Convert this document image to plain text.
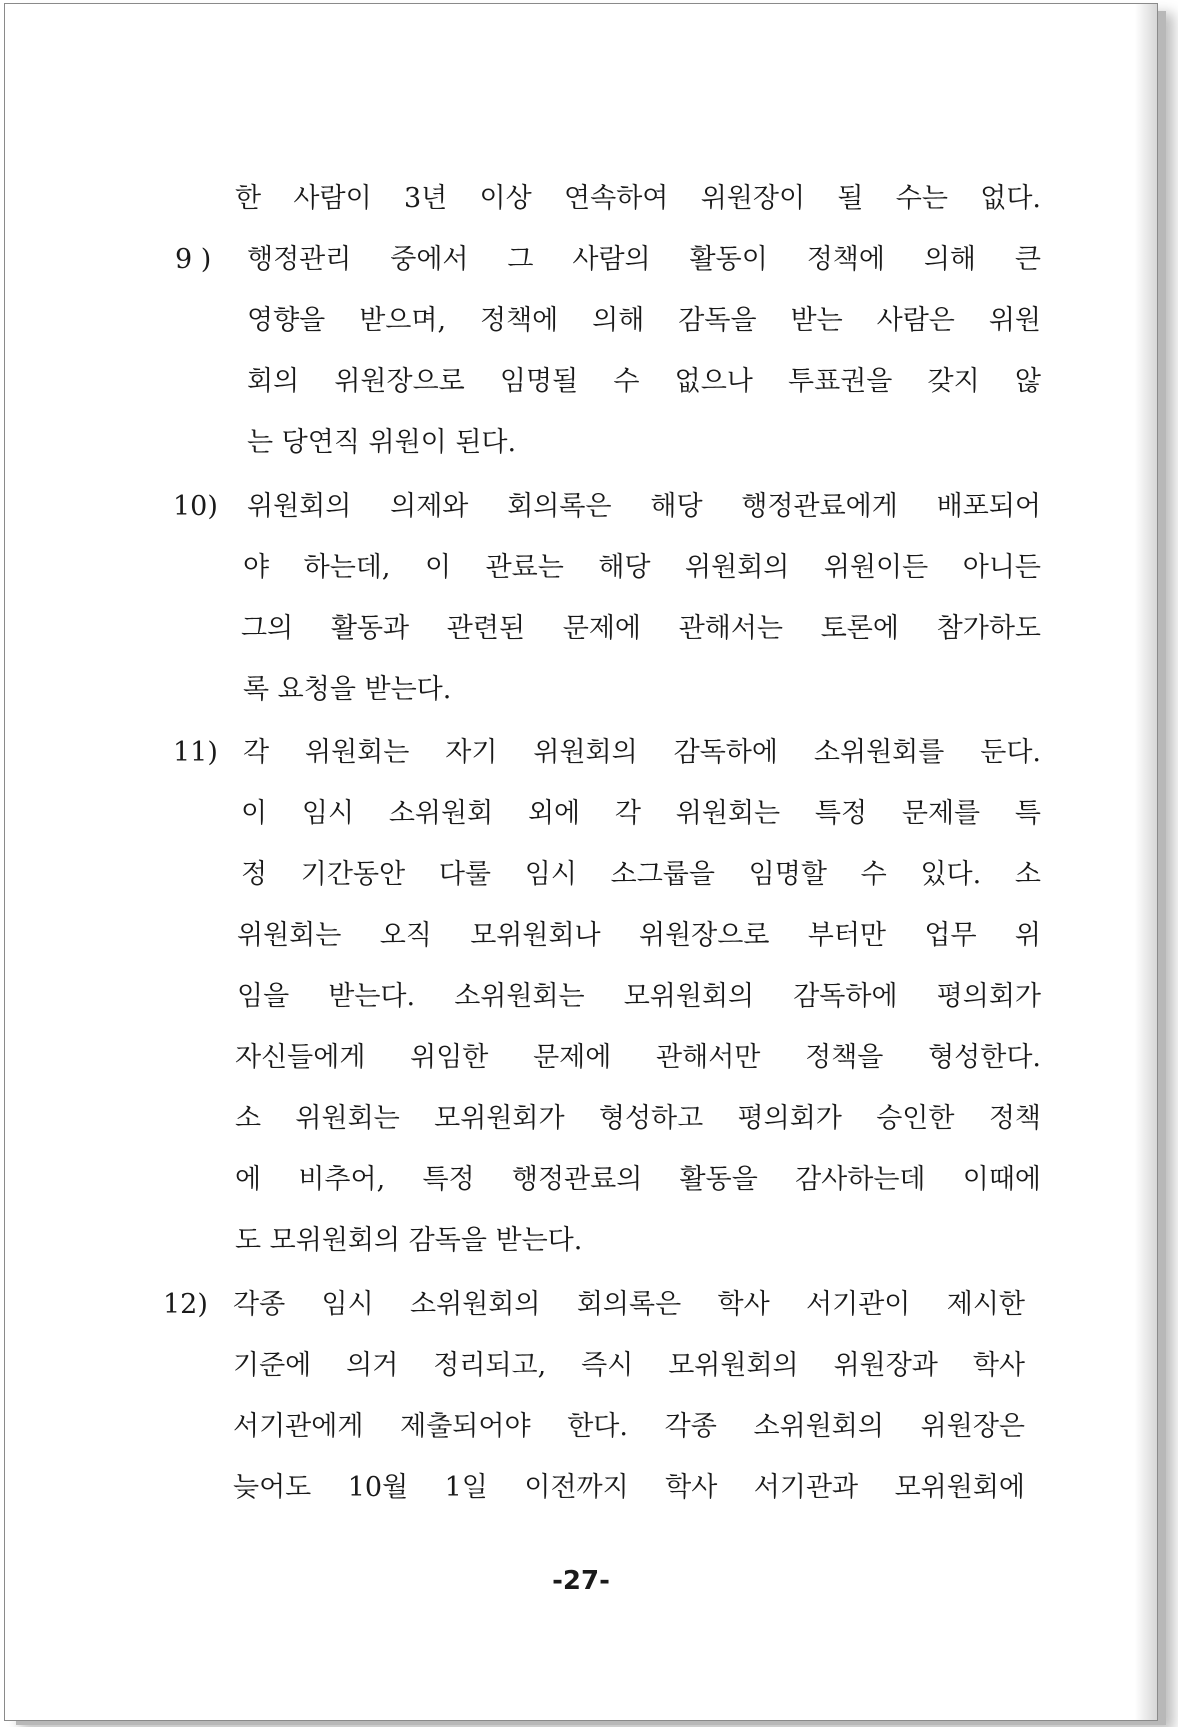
한 사람이 3년 이상 연속하여 위원장이 될 수는 없다.
9 ) 행정관리 중에서 그 사람의 활동이 정책에 의해 큰
영향을 받으며, 정책에 의해 감독을 받는 사람은 위원
회의 위원장으로 임명될 수 없으나 투표권을 갖지 않
는 당연직 위원이 된다.
10) 위원회의 의제와 회의록은 해당 행정관료에게 배포되어
야 하는데, 이 관료는 해당 위원회의 위원이든 아니든
그의 활동과 관련된 문제에 관해서는 토론에 참가하도
록 요청을 받는다.
11) 각 위원회는 자기 위원회의 감독하에 소위원회를 둔다.
이 임시 소위원회 외에 각 위원회는 특정 문제를 특
정 기간동안 다룰 임시 소그룹을 임명할 수 있다. 소
위원회는 오직 모위원회나 위원장으로 부터만 업무 위
임을 받는다. 소위원회는 모위원회의 감독하에 평의회가
자신들에게 위임한 문제에 관해서만 정책을 형성한다.
소 위원회는 모위원회가 형성하고 평의회가 승인한 정책
에 비추어, 특정 행정관료의 활동을 감사하는데 이때에
도 모위원회의 감독을 받는다.
12) 각종 임시 소위원회의 회의록은 학사 서기관이 제시한
기준에 의거 정리되고, 즉시 모위원회의 위원장과 학사
서기관에게 제출되어야 한다. 각종 소위원회의 위원장은
늦어도 10월 1일 이전까지 학사 서기관과 모위원회에
-27-
